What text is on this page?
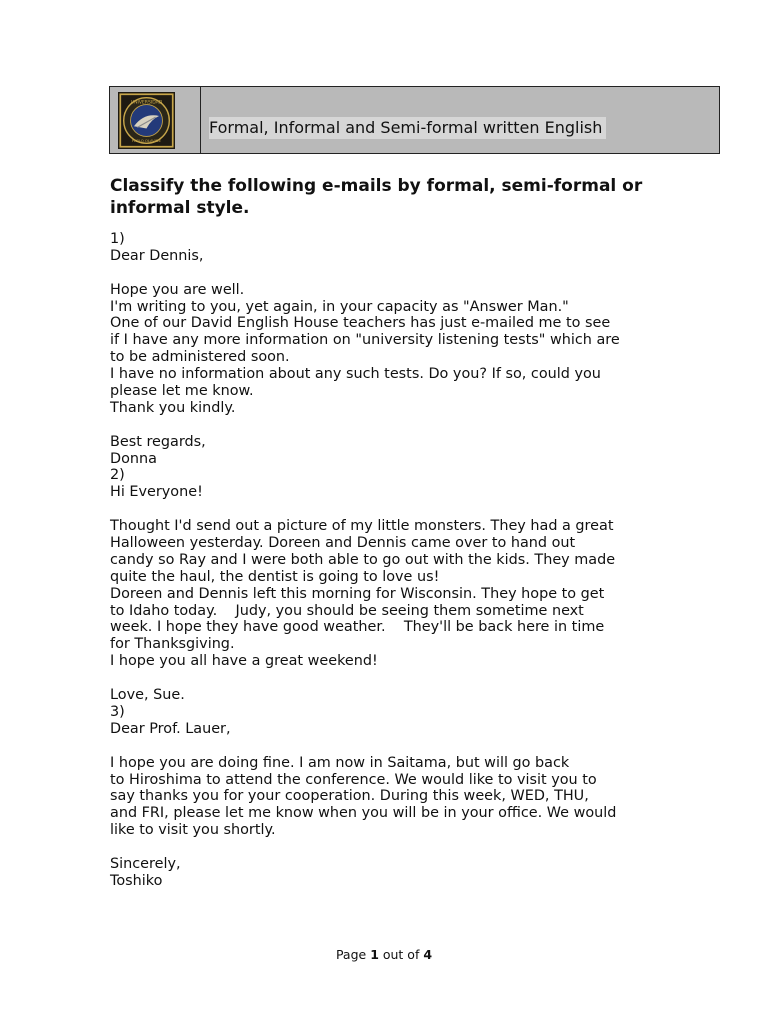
UNIVERSIDAD
PABLO OLAVIDE
Formal, Informal and Semi-formal written English
Classify the following e-mails by formal, semi-formal or informal style.
1)
Dear Dennis,
Hope you are well.
I'm writing to you, yet again, in your capacity as "Answer Man."
One of our David English House teachers has just e-mailed me to see
if I have any more information on "university listening tests" which are
to be administered soon.
I have no information about any such tests. Do you? If so, could you
please let me know.
Thank you kindly.
Best regards,
Donna
2)
Hi Everyone!
Thought I'd send out a picture of my little monsters. They had a great
Halloween yesterday. Doreen and Dennis came over to hand out
candy so Ray and I were both able to go out with the kids. They made
quite the haul, the dentist is going to love us!
Doreen and Dennis left this morning for Wisconsin. They hope to get
to Idaho today.    Judy, you should be seeing them sometime next
week. I hope they have good weather.    They'll be back here in time
for Thanksgiving.
I hope you all have a great weekend!
Love, Sue.
3)
Dear Prof. Lauer,
I hope you are doing fine. I am now in Saitama, but will go back
to Hiroshima to attend the conference. We would like to visit you to
say thanks you for your cooperation. During this week, WED, THU,
and FRI, please let me know when you will be in your office. We would
like to visit you shortly.
Sincerely,
Toshiko
Page 1 out of 4
